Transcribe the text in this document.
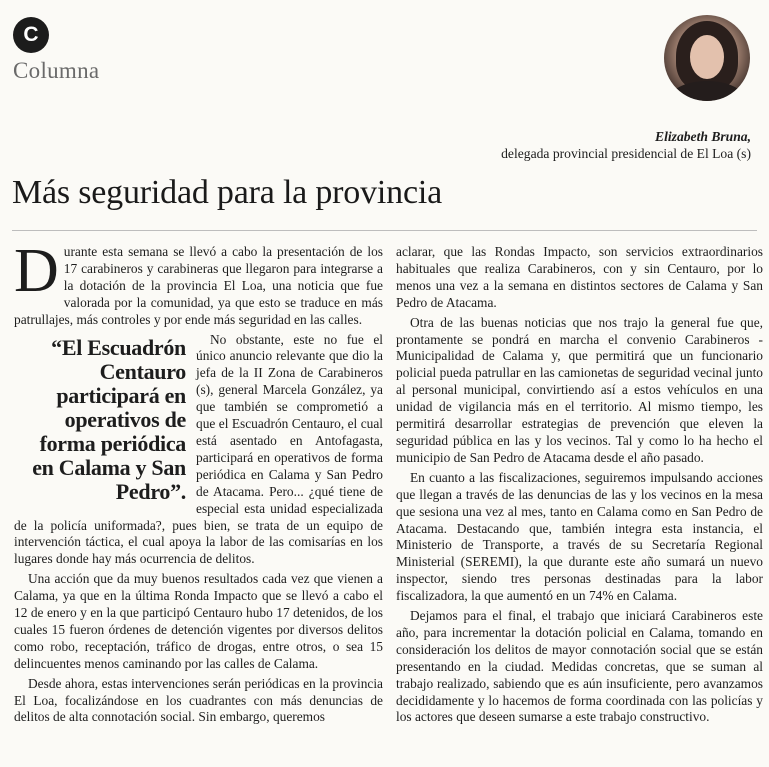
C
Columna
Elizabeth Bruna,
delegada provincial presidencial de El Loa (s)
Más seguridad para la provincia

Durante esta semana se llevó a cabo la presentación de los 17 carabineros y carabineras que llegaron para integrarse a la dotación de la provincia El Loa, una noticia que fue valorada por la comunidad, ya que esto se traduce en más patrullajes, más controles y por ende más seguridad en las calles.

“El Escuadrón Centauro participará en operativos de forma periódica en Calama y San Pedro”.
No obstante, este no fue el único anuncio relevante que dio la jefa de la II Zona de Carabineros (s), general Marcela González, ya que también se comprometió a que el Escuadrón Centauro, el cual está asentado en Antofagasta, participará en operativos de forma periódica en Calama y San Pedro de Atacama. Pero... ¿qué tiene de especial esta unidad especializada de la policía uniformada?, pues bien, se trata de un equipo de intervención táctica, el cual apoya la labor de las comisarías en los lugares donde hay más ocurrencia de delitos.

Una acción que da muy buenos resultados cada vez que vienen a Calama, ya que en la última Ronda Impacto que se llevó a cabo el 12 de enero y en la que participó Centauro hubo 17 detenidos, de los cuales 15 fueron órdenes de detención vigentes por diversos delitos como robo, receptación, tráfico de drogas, entre otros, o sea 15 delincuentes menos caminando por las calles de Calama.

Desde ahora, estas intervenciones serán periódicas en la provincia El Loa, focalizándose en los cuadrantes con más denuncias de delitos de alta connotación social. Sin embargo, queremos

aclarar, que las Rondas Impacto, son servicios extraordinarios habituales que realiza Carabineros, con y sin Centauro, por lo menos una vez a la semana en distintos sectores de Calama y San Pedro de Atacama.

Otra de las buenas noticias que nos trajo la general fue que, prontamente se pondrá en marcha el convenio Carabineros - Municipalidad de Calama y, que permitirá que un funcionario policial pueda patrullar en las camionetas de seguridad vecinal junto al personal municipal, convirtiendo así a estos vehículos en una unidad de vigilancia más en el territorio. Al mismo tiempo, les permitirá desarrollar estrategias de prevención que eleven la seguridad pública en las y los vecinos. Tal y como lo ha hecho el municipio de San Pedro de Atacama desde el año pasado.

En cuanto a las fiscalizaciones, seguiremos impulsando acciones que llegan a través de las denuncias de las y los vecinos en la mesa que sesiona una vez al mes, tanto en Calama como en San Pedro de Atacama. Destacando que, también integra esta instancia, el Ministerio de Transporte, a través de su Secretaría Regional Ministerial (SEREMI), la que durante este año sumará un nuevo inspector, siendo tres personas destinadas para la labor fiscalizadora, la que aumentó en un 74% en Calama.

Dejamos para el final, el trabajo que iniciará Carabineros este año, para incrementar la dotación policial en Calama, tomando en consideración los delitos de mayor connotación social que se están presentando en la ciudad. Medidas concretas, que se suman al trabajo realizado, sabiendo que es aún insuficiente, pero avanzamos decididamente y lo hacemos de forma coordinada con las policías y los actores que deseen sumarse a este trabajo constructivo.
